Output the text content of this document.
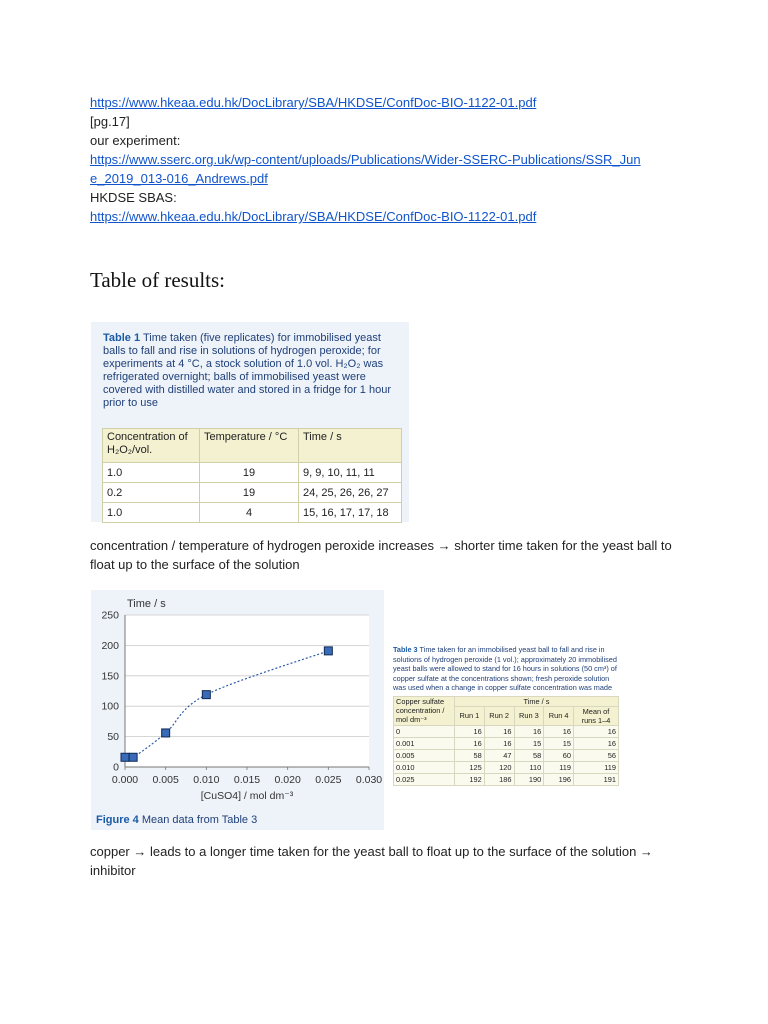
https://www.hkeaa.edu.hk/DocLibrary/SBA/HKDSE/ConfDoc-BIO-1122-01.pdf
[pg.17]
our experiment:
https://www.sserc.org.uk/wp-content/uploads/Publications/Wider-SSERC-Publications/SSR_Jun
e_2019_013-016_Andrews.pdf
HKDSE SBAS:
https://www.hkeaa.edu.hk/DocLibrary/SBA/HKDSE/ConfDoc-BIO-1122-01.pdf
Table of results:
Table 1 Time taken (five replicates) for immobilised yeast balls to fall and rise in solutions of hydrogen peroxide; for experiments at 4 °C, a stock solution of 1.0 vol. H₂O₂ was refrigerated overnight; balls of immobilised yeast were covered with distilled water and stored in a fridge for 1 hour prior to use
Concentration of H₂O₂/vol.	Temperature / °C	Time / s
1.0	19	9, 9, 10, 11, 11
0.2	19	24, 25, 26, 26, 27
1.0	4	15, 16, 17, 17, 18
concentration / temperature of hydrogen peroxide increases → shorter time taken for the yeast ball to float up to the surface of the solution
0
50
100
150
200
250
0.000 0.005 0.010 0.015 0.020 0.025 0.030
Time / s
[CuSO4] / mol dm⁻³
Figure 4 Mean data from Table 3
Table 3 Time taken for an immobilised yeast ball to fall and rise in solutions of hydrogen peroxide (1 vol.); approximately 20 immobilised yeast balls were allowed to stand for 16 hours in solutions (50 cm³) of copper sulfate at the concentrations shown; fresh peroxide solution was used when a change in copper sulfate concentration was made
Copper sulfate concentration / mol dm⁻³	Time / s				
	Run 1	Run 2	Run 3	Run 4	Mean of runs 1–4
0	16	16	16	16	16
0.001	16	16	15	15	16
0.005	58	47	58	60	56
0.010	125	120	110	119	119
0.025	192	186	190	196	191
copper → leads to a longer time taken for the yeast ball to float up to the surface of the solution → inhibitor
